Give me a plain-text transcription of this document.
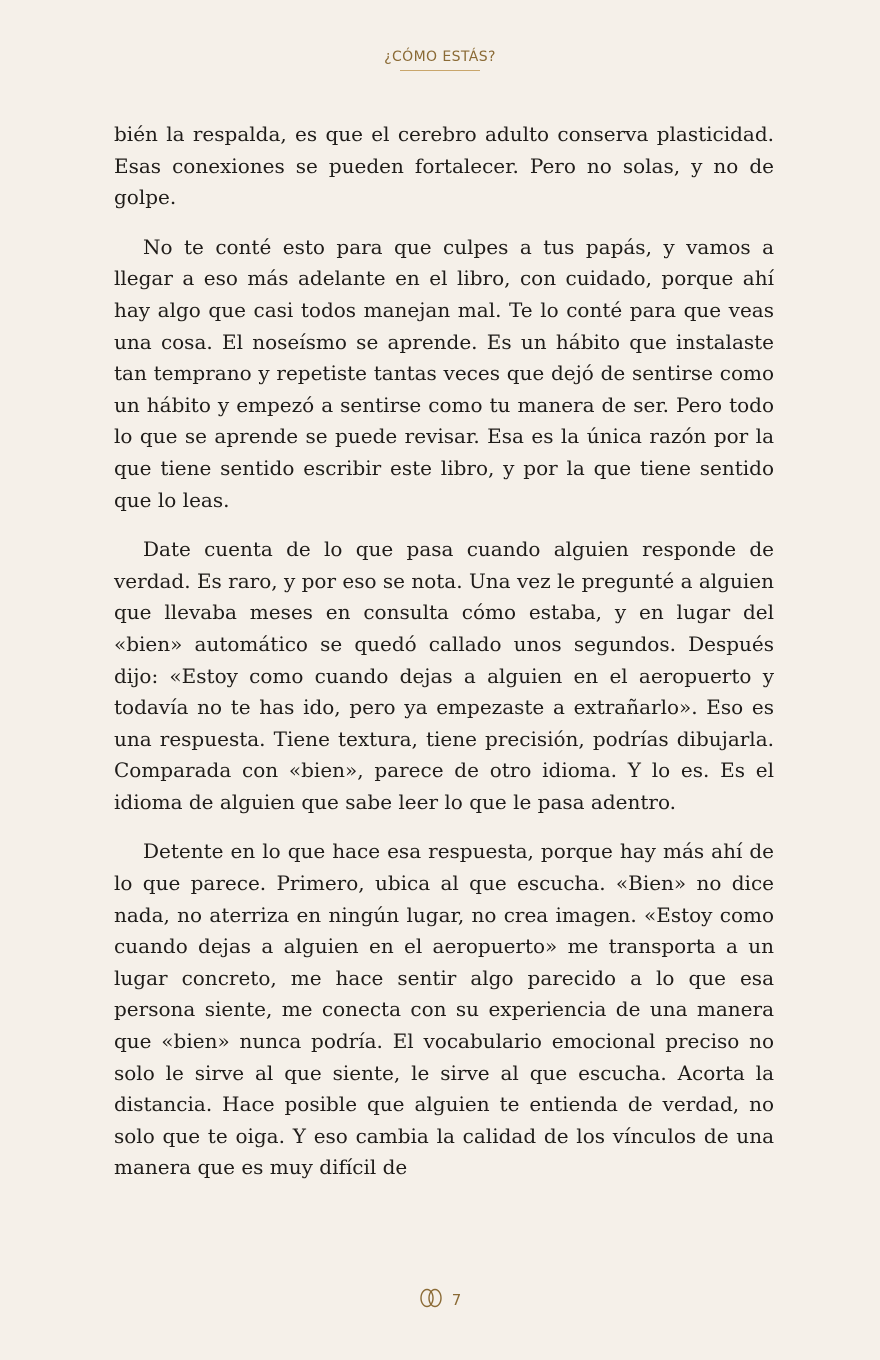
¿CÓMO ESTÁS?

bién la respalda, es que el cerebro adulto conserva plasticidad. Esas conexiones se pueden fortalecer. Pero no solas, y no de golpe.

No te conté esto para que culpes a tus papás, y vamos a llegar a eso más adelante en el libro, con cuidado, porque ahí hay algo que casi todos manejan mal. Te lo conté para que veas una cosa. El noseísmo se aprende. Es un hábito que instalaste tan temprano y repetiste tantas veces que dejó de sentirse como un hábito y empezó a sentirse como tu manera de ser. Pero todo lo que se aprende se puede revisar. Esa es la única razón por la que tiene sentido escribir este libro, y por la que tiene sentido que lo leas.

Date cuenta de lo que pasa cuando alguien responde de verdad. Es raro, y por eso se nota. Una vez le pregunté a alguien que llevaba meses en consulta cómo estaba, y en lugar del «bien» automático se quedó callado unos segundos. Después dijo: «Estoy como cuando dejas a alguien en el aeropuerto y todavía no te has ido, pero ya empezaste a extrañarlo». Eso es una respuesta. Tiene textura, tiene precisión, podrías dibujarla. Comparada con «bien», parece de otro idioma. Y lo es. Es el idioma de alguien que sabe leer lo que le pasa adentro.

Detente en lo que hace esa respuesta, porque hay más ahí de lo que parece. Primero, ubica al que escucha. «Bien» no dice nada, no aterriza en ningún lugar, no crea imagen. «Estoy como cuando dejas a alguien en el aeropuerto» me transporta a un lugar concreto, me hace sentir algo parecido a lo que esa persona siente, me conecta con su experiencia de una manera que «bien» nunca podría. El vocabulario emocional preciso no solo le sirve al que siente, le sirve al que escucha. Acorta la distancia. Hace posible que alguien te entienda de verdad, no solo que te oiga. Y eso cambia la calidad de los vínculos de una manera que es muy difícil de

7
